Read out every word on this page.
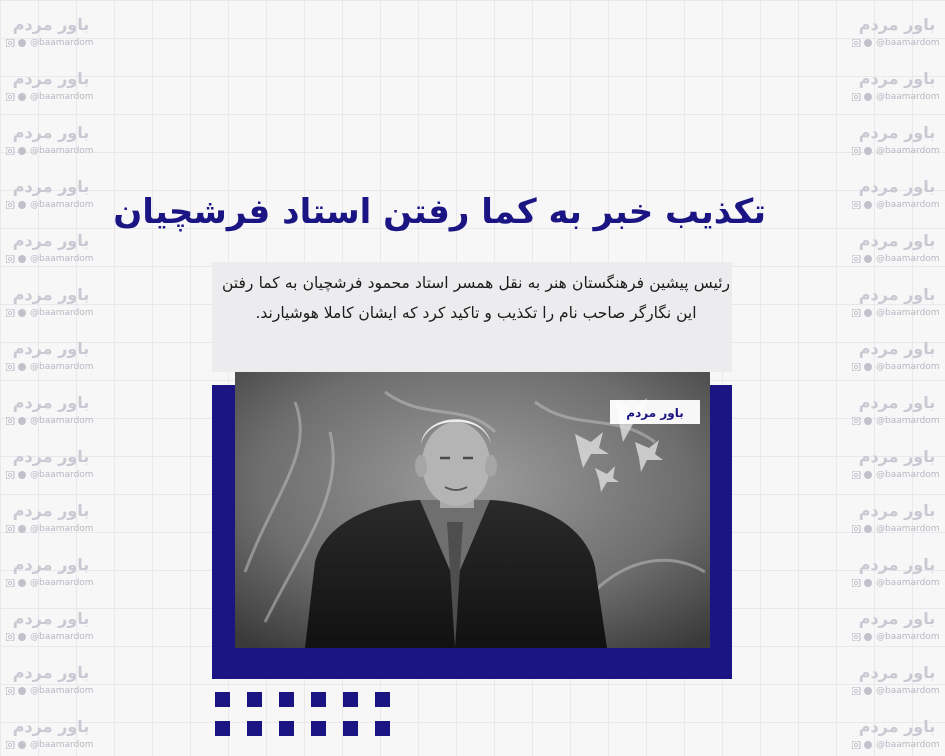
باور مردم
@baamardom
باور مردم
@baamardom
باور مردم
@baamardom
باور مردم
@baamardom
باور مردم
@baamardom
باور مردم
@baamardom
باور مردم
@baamardom
باور مردم
@baamardom
باور مردم
@baamardom
باور مردم
@baamardom
باور مردم
@baamardom
باور مردم
@baamardom
باور مردم
@baamardom
باور مردم
@baamardom
باور مردم
@baamardom
باور مردم
@baamardom
باور مردم
@baamardom
باور مردم
@baamardom
باور مردم
@baamardom
باور مردم
@baamardom
باور مردم
@baamardom
باور مردم
@baamardom
باور مردم
@baamardom
باور مردم
@baamardom
باور مردم
@baamardom
باور مردم
@baamardom
باور مردم
@baamardom
باور مردم
@baamardom
تکذیب خبر به کما رفتن استاد فرشچیان
رئیس پیشین فرهنگستان هنر به نقل همسر استاد محمود فرشچیان به کما رفتن این نگارگر صاحب نام را تکذیب و تاکید کرد که ایشان کاملا هوشیارند.
باور مردم
